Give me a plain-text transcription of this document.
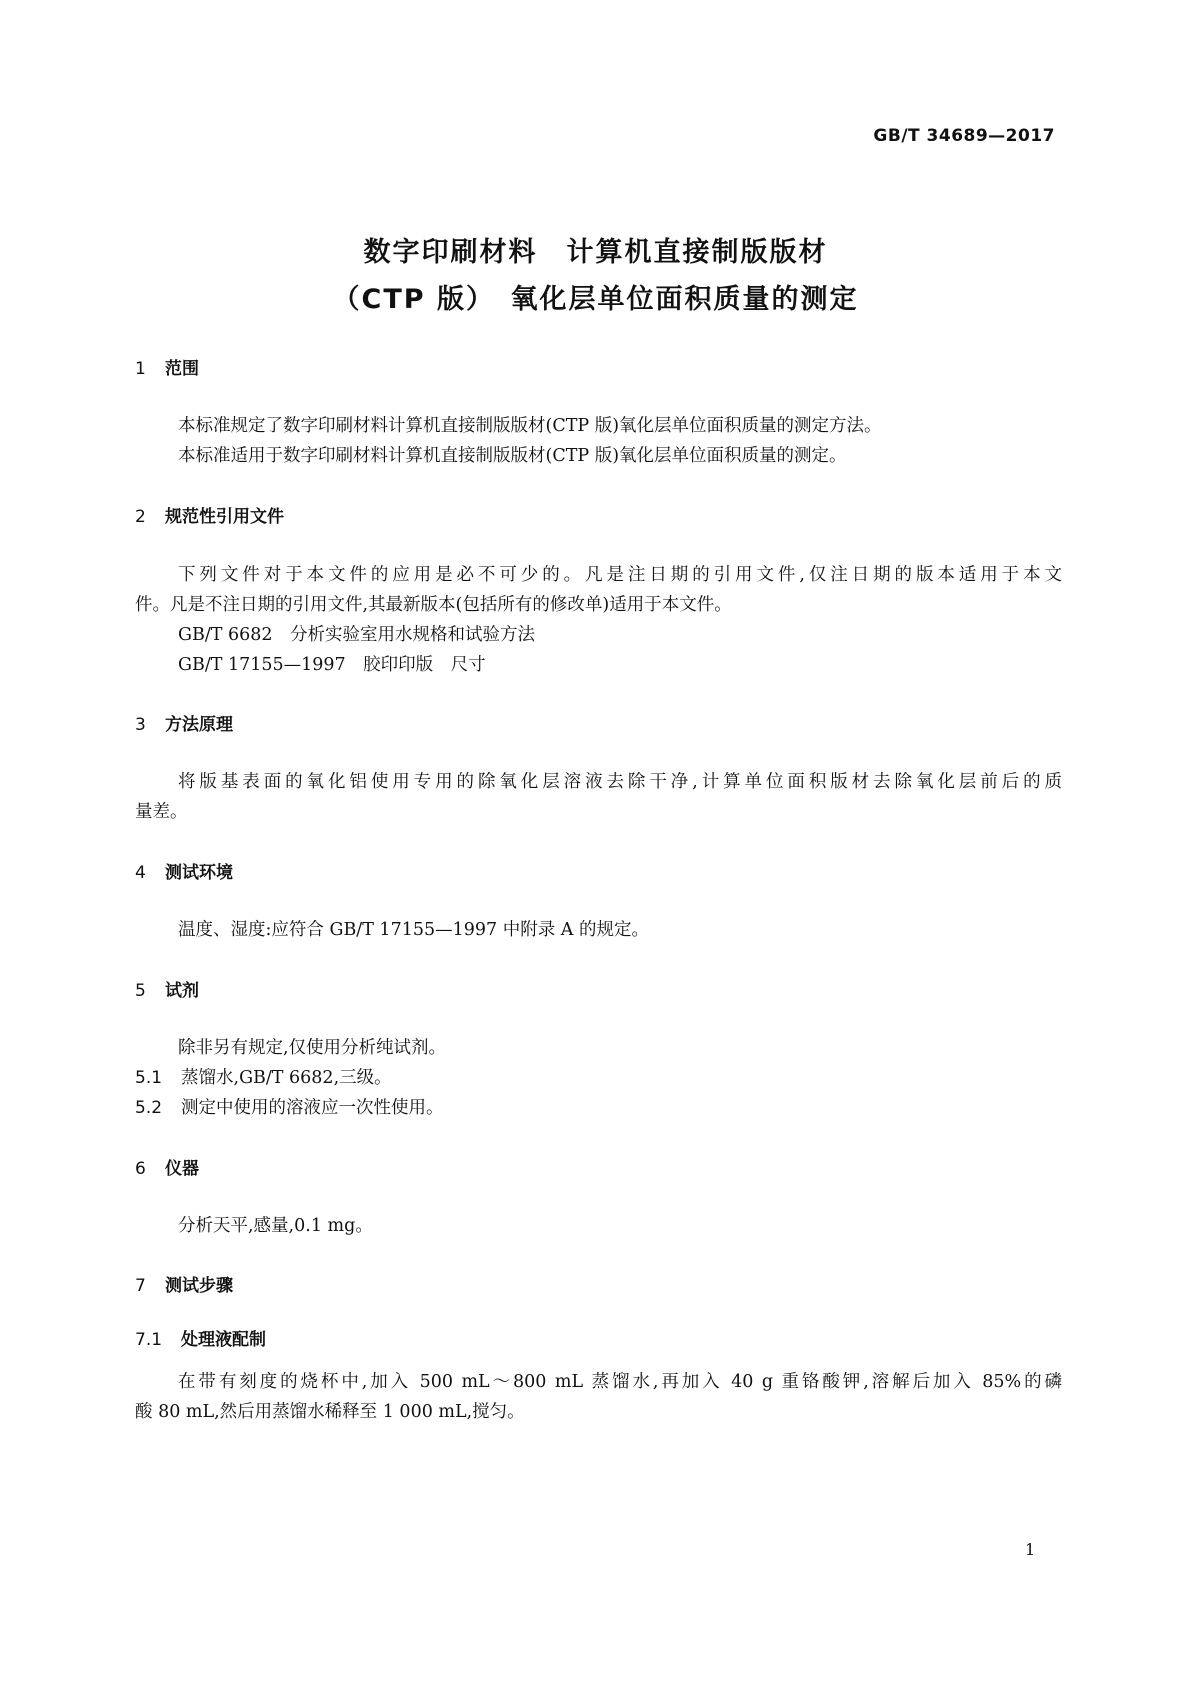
GB/T 34689—2017
数字印刷材料　计算机直接制版版材
（CTP 版）　氧化层单位面积质量的测定
1 范围
本标准规定了数字印刷材料计算机直接制版版材(CTP 版)氧化层单位面积质量的测定方法。
本标准适用于数字印刷材料计算机直接制版版材(CTP 版)氧化层单位面积质量的测定。
2 规范性引用文件
下列文件对于本文件的应用是必不可少的。凡是注日期的引用文件,仅注日期的版本适用于本文
件。凡是不注日期的引用文件,其最新版本(包括所有的修改单)适用于本文件。
GB/T 6682　分析实验室用水规格和试验方法
GB/T 17155—1997　胶印印版　尺寸
3 方法原理
将版基表面的氧化铝使用专用的除氧化层溶液去除干净,计算单位面积版材去除氧化层前后的质
量差。
4 测试环境
温度、湿度:应符合 GB/T 17155—1997 中附录 A 的规定。
5 试剂
除非另有规定,仅使用分析纯试剂。
5.1 蒸馏水,GB/T 6682,三级。
5.2 测定中使用的溶液应一次性使用。
6 仪器
分析天平,感量,0.1 mg。
7 测试步骤
7.1 处理液配制
在带有刻度的烧杯中,加入 500 mL～800 mL 蒸馏水,再加入 40 g 重铬酸钾,溶解后加入 85%的磷
酸 80 mL,然后用蒸馏水稀释至 1 000 mL,搅匀。
1
